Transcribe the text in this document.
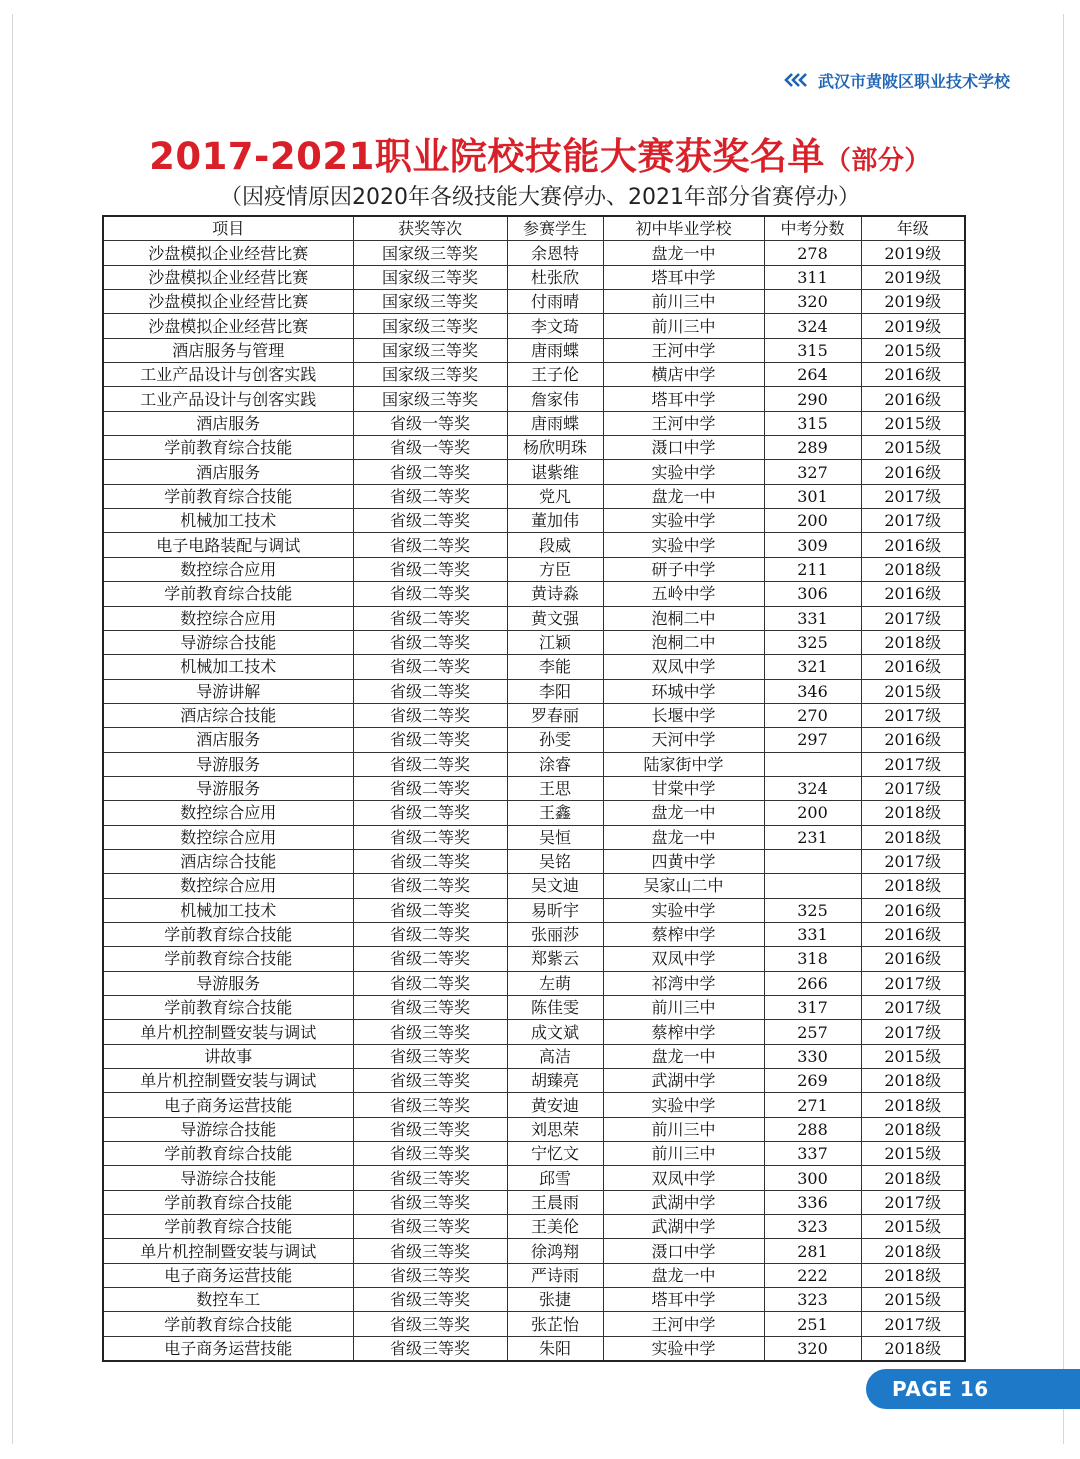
武汉市黄陂区职业技术学校
2017-2021职业院校技能大赛获奖名单（部分）
（因疫情原因2020年各级技能大赛停办、2021年部分省赛停办）
项目	获奖等次	参赛学生	初中毕业学校	中考分数	年级
沙盘模拟企业经营比赛	国家级三等奖	余恩特	盘龙一中	278	2019级
沙盘模拟企业经营比赛	国家级三等奖	杜张欣	塔耳中学	311	2019级
沙盘模拟企业经营比赛	国家级三等奖	付雨晴	前川三中	320	2019级
沙盘模拟企业经营比赛	国家级三等奖	李文琦	前川三中	324	2019级
酒店服务与管理	国家级三等奖	唐雨蝶	王河中学	315	2015级
工业产品设计与创客实践	国家级三等奖	王子伦	横店中学	264	2016级
工业产品设计与创客实践	国家级三等奖	詹家伟	塔耳中学	290	2016级
酒店服务	省级一等奖	唐雨蝶	王河中学	315	2015级
学前教育综合技能	省级一等奖	杨欣明珠	滠口中学	289	2015级
酒店服务	省级二等奖	谌紫维	实验中学	327	2016级
学前教育综合技能	省级二等奖	党凡	盘龙一中	301	2017级
机械加工技术	省级二等奖	董加伟	实验中学	200	2017级
电子电路装配与调试	省级二等奖	段威	实验中学	309	2016级
数控综合应用	省级二等奖	方臣	研子中学	211	2018级
学前教育综合技能	省级二等奖	黄诗淼	五岭中学	306	2016级
数控综合应用	省级二等奖	黄文强	泡桐二中	331	2017级
导游综合技能	省级二等奖	江颖	泡桐二中	325	2018级
机械加工技术	省级二等奖	李能	双凤中学	321	2016级
导游讲解	省级二等奖	李阳	环城中学	346	2015级
酒店综合技能	省级二等奖	罗春丽	长堰中学	270	2017级
酒店服务	省级二等奖	孙雯	天河中学	297	2016级
导游服务	省级二等奖	涂睿	陆家街中学		2017级
导游服务	省级二等奖	王思	甘棠中学	324	2017级
数控综合应用	省级二等奖	王鑫	盘龙一中	200	2018级
数控综合应用	省级二等奖	吴恒	盘龙一中	231	2018级
酒店综合技能	省级二等奖	吴铭	四黄中学		2017级
数控综合应用	省级二等奖	吴文迪	吴家山二中		2018级
机械加工技术	省级二等奖	易昕宇	实验中学	325	2016级
学前教育综合技能	省级二等奖	张丽莎	蔡榨中学	331	2016级
学前教育综合技能	省级二等奖	郑紫云	双凤中学	318	2016级
导游服务	省级二等奖	左萌	祁湾中学	266	2017级
学前教育综合技能	省级三等奖	陈佳雯	前川三中	317	2017级
单片机控制暨安装与调试	省级三等奖	成文斌	蔡榨中学	257	2017级
讲故事	省级三等奖	高洁	盘龙一中	330	2015级
单片机控制暨安装与调试	省级三等奖	胡臻亮	武湖中学	269	2018级
电子商务运营技能	省级三等奖	黄安迪	实验中学	271	2018级
导游综合技能	省级三等奖	刘思荣	前川三中	288	2018级
学前教育综合技能	省级三等奖	宁忆文	前川三中	337	2015级
导游综合技能	省级三等奖	邱雪	双凤中学	300	2018级
学前教育综合技能	省级三等奖	王晨雨	武湖中学	336	2017级
学前教育综合技能	省级三等奖	王美伦	武湖中学	323	2015级
单片机控制暨安装与调试	省级三等奖	徐鸿翔	滠口中学	281	2018级
电子商务运营技能	省级三等奖	严诗雨	盘龙一中	222	2018级
数控车工	省级三等奖	张捷	塔耳中学	323	2015级
学前教育综合技能	省级三等奖	张芷怡	王河中学	251	2017级
电子商务运营技能	省级三等奖	朱阳	实验中学	320	2018级
PAGE 16
